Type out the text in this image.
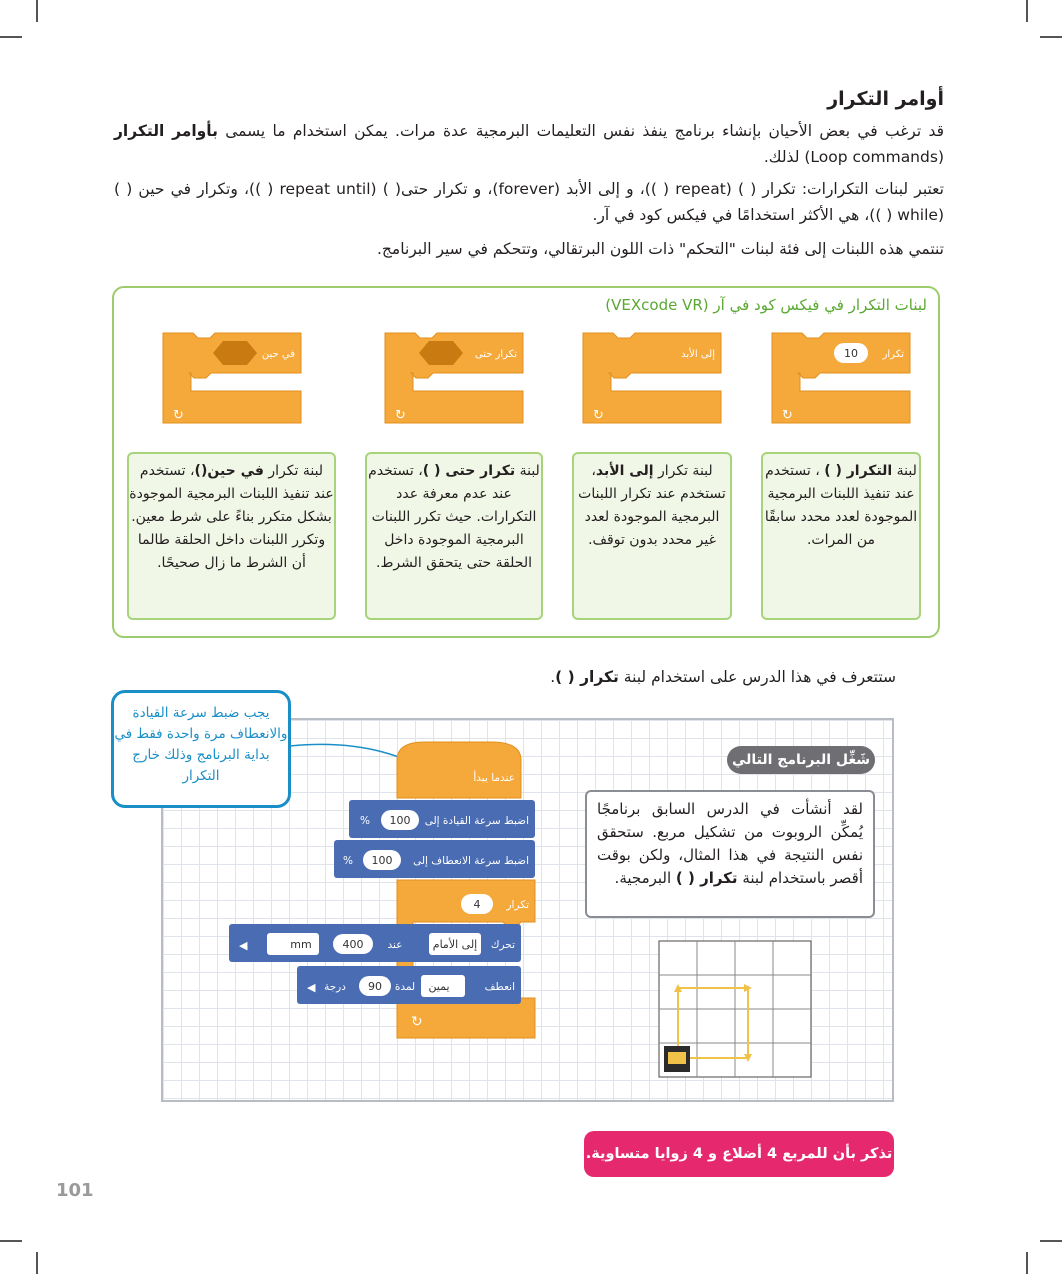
أوامر التكرار
قد ترغب في بعض الأحيان بإنشاء برنامج ينفذ نفس التعليمات البرمجية عدة مرات. يمكن استخدام ما يسمى بأوامر التكرار (Loop commands) لذلك.
تعتبر لبنات التكرارات: تكرار ( ) (repeat ( ))، و إلى الأبد (forever)، و تكرار حتى( ) (repeat until ( ))، وتكرار في حين ( ) (while ( ))، هي الأكثر استخدامًا في فيكس كود في آر.
تنتمي هذه اللبنات إلى فئة لبنات "التحكم" ذات اللون البرتقالي، وتتحكم في سير البرنامج.
لبنات التكرار في فيكس كود في آر (VEXcode VR)
في حين
↻
تكرار حتى
↻
إلى الأبد
↻
10 تكرار
↻
لبنة تكرار في حين()، تستخدم عند تنفيذ اللبنات البرمجية الموجودة بشكل متكرر بناءً على شرط معين. وتكرر اللبنات داخل الحلقة طالما أن الشرط ما زال صحيحًا.
لبنة تكرار حتى ( )، تستخدم عند عدم معرفة عدد التكرارات. حيث تكرر اللبنات البرمجية الموجودة داخل الحلقة حتى يتحقق الشرط.
لبنة تكرار إلى الأبد، تستخدم عند تكرار اللبنات البرمجية الموجودة لعدد غير محدد بدون توقف.
لبنة التكرار ( ) ، تستخدم عند تنفيذ اللبنات البرمجية الموجودة لعدد محدد سابقًا من المرات.
ستتعرف في هذا الدرس على استخدام لبنة تكرار ( ).
يجب ضبط سرعة القيادة والانعطاف مرة واحدة فقط في بداية البرنامج وذلك خارج التكرار	عندما يبدأ
اضبط سرعة القيادة إلى
100
%
اضبط سرعة الانعطاف إلى
100
%
تكرار
4
↻
تحرك
إلى الأمام
عند
400
mm
◀
انعطف
يمين
لمدة
90
درجة
◀
شَغِّل البرنامج التالي
لقد أنشأت في الدرس السابق برنامجًا يُمكِّن الروبوت من تشكيل مربع. ستحقق نفس النتيجة في هذا المثال، ولكن بوقت أقصر باستخدام لبنة تكرار ( ) البرمجية.
تذكر بأن للمربع 4 أضلاع و 4 زوايا متساوية.
101
